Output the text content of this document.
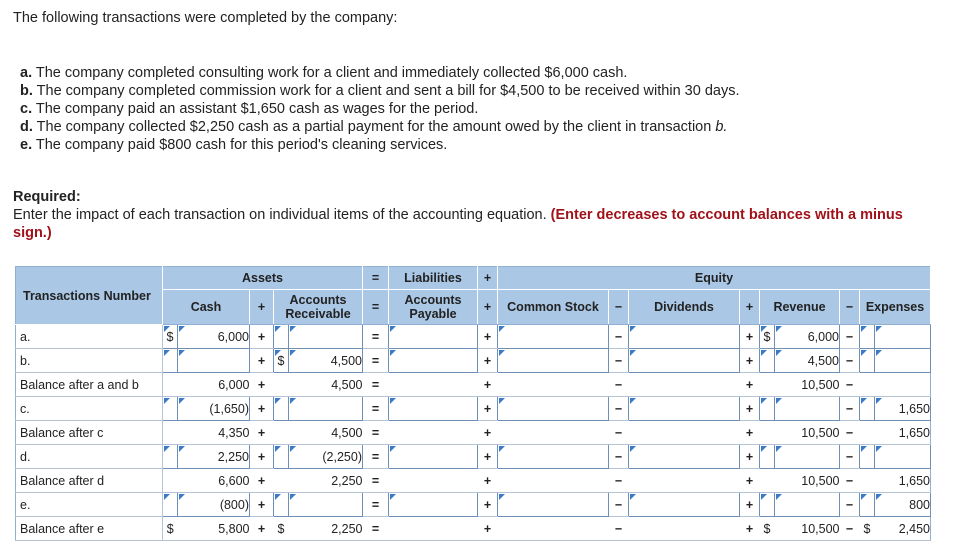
The following transactions were completed by the company:
a. The company completed consulting work for a client and immediately collected $6,000 cash.
b. The company completed commission work for a client and sent a bill for $4,500 to be received within 30 days.
c. The company paid an assistant $1,650 cash as wages for the period.
d. The company collected $2,250 cash as a partial payment for the amount owed by the client in transaction b.
e. The company paid $800 cash for this period's cleaning services.
Required:
Enter the impact of each transaction on individual items of the accounting equation. (Enter decreases to account balances with a minus sign.)
Transactions Number	Assets					=	Liabilities	+	Equity								
	Cash		+	Accounts Receivable		=	Accounts Payable	+	Common Stock	−	Dividends	+	Revenue		−	Expenses	
a.	$	6,000	+			=		+		−		+	$	6,000	−		
b.			+	$	4,500	=		+		−		+		4,500	−		
Balance after a and b		6,000	+		4,500	=		+		−		+		10,500	−		
c.		(1,650)	+			=		+		−		+			−		1,650
Balance after c		4,350	+		4,500	=		+		−		+		10,500	−		1,650
d.		2,250	+		(2,250)	=		+		−		+			−		
Balance after d		6,600	+		2,250	=		+		−		+		10,500	−		1,650
e.		(800)	+			=		+		−		+			−		800
Balance after e	$	5,800	+	$	2,250	=		+		−		+	$	10,500	−	$	2,450
